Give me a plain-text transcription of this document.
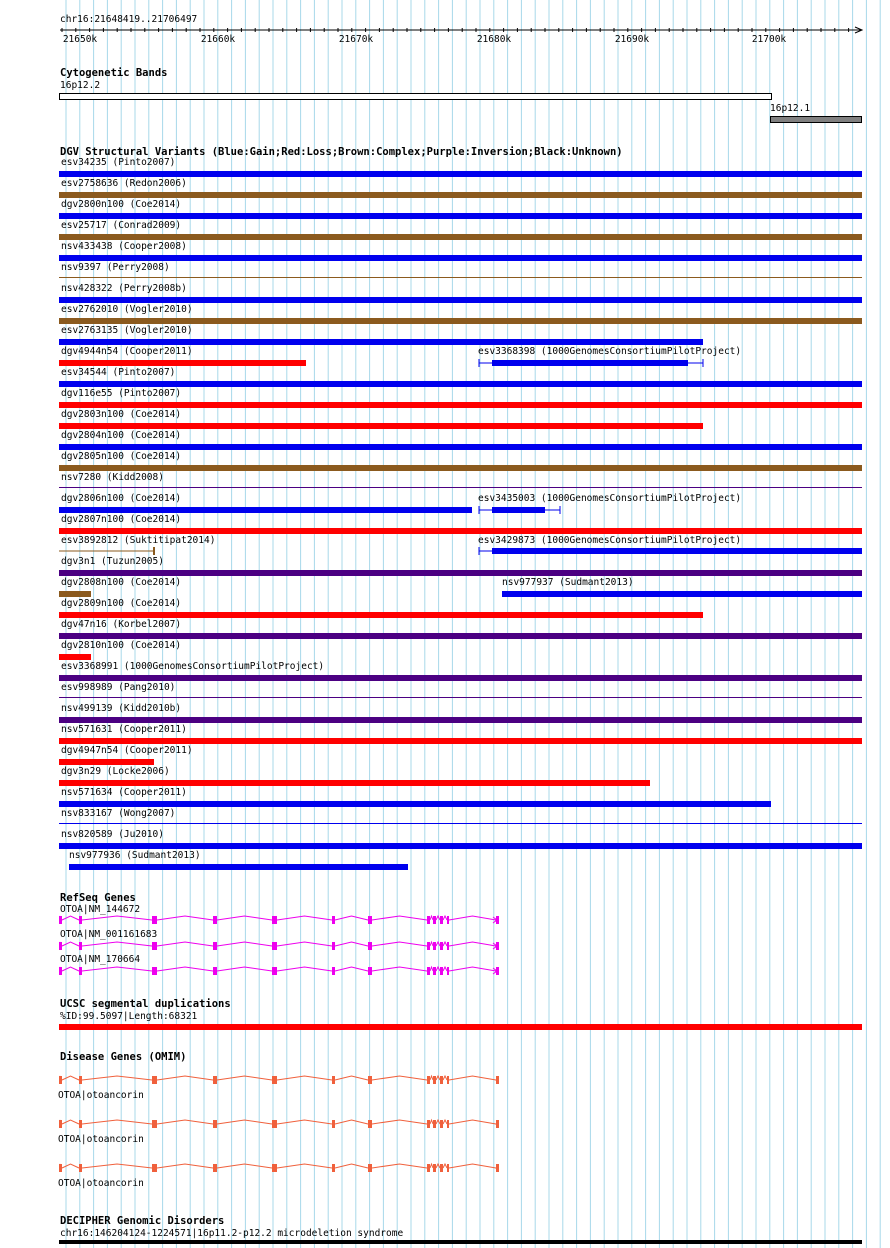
chr16:21648419..21706497
21650k	21660k	21670k	21680k	21690k	21700k
Cytogenetic Bands
16p12.2
16p12.1
DGV Structural Variants (Blue:Gain;Red:Loss;Brown:Complex;Purple:Inversion;Black:Unknown)
esv34235 (Pinto2007)
esv2758636 (Redon2006)
dgv2800n100 (Coe2014)
esv25717 (Conrad2009)
nsv433438 (Cooper2008)
nsv9397 (Perry2008)
nsv428322 (Perry2008b)
esv2762010 (Vogler2010)
esv2763135 (Vogler2010)
dgv4944n54 (Cooper2011)	esv3368398 (1000GenomesConsortiumPilotProject)
esv34544 (Pinto2007)
dgv116e55 (Pinto2007)
dgv2803n100 (Coe2014)
dgv2804n100 (Coe2014)
dgv2805n100 (Coe2014)
nsv7280 (Kidd2008)
dgv2806n100 (Coe2014)	esv3435003 (1000GenomesConsortiumPilotProject)
dgv2807n100 (Coe2014)
esv3892812 (Suktitipat2014)	esv3429873 (1000GenomesConsortiumPilotProject)
dgv3n1 (Tuzun2005)
dgv2808n100 (Coe2014)	nsv977937 (Sudmant2013)
dgv2809n100 (Coe2014)
dgv47n16 (Korbel2007)
dgv2810n100 (Coe2014)
esv3368991 (1000GenomesConsortiumPilotProject)
esv998989 (Pang2010)
nsv499139 (Kidd2010b)
nsv571631 (Cooper2011)
dgv4947n54 (Cooper2011)
dgv3n29 (Locke2006)
nsv571634 (Cooper2011)
nsv833167 (Wong2007)
nsv820589 (Ju2010)
nsv977936 (Sudmant2013)
RefSeq Genes
OTOA|NM_144672
OTOA|NM_001161683
OTOA|NM_170664
UCSC segmental duplications
%ID:99.5097|Length:68321
Disease Genes (OMIM)
OTOA|otoancorin
OTOA|otoancorin
OTOA|otoancorin
DECIPHER Genomic Disorders
chr16:146204124-1224571|16p11.2-p12.2 microdeletion syndrome
